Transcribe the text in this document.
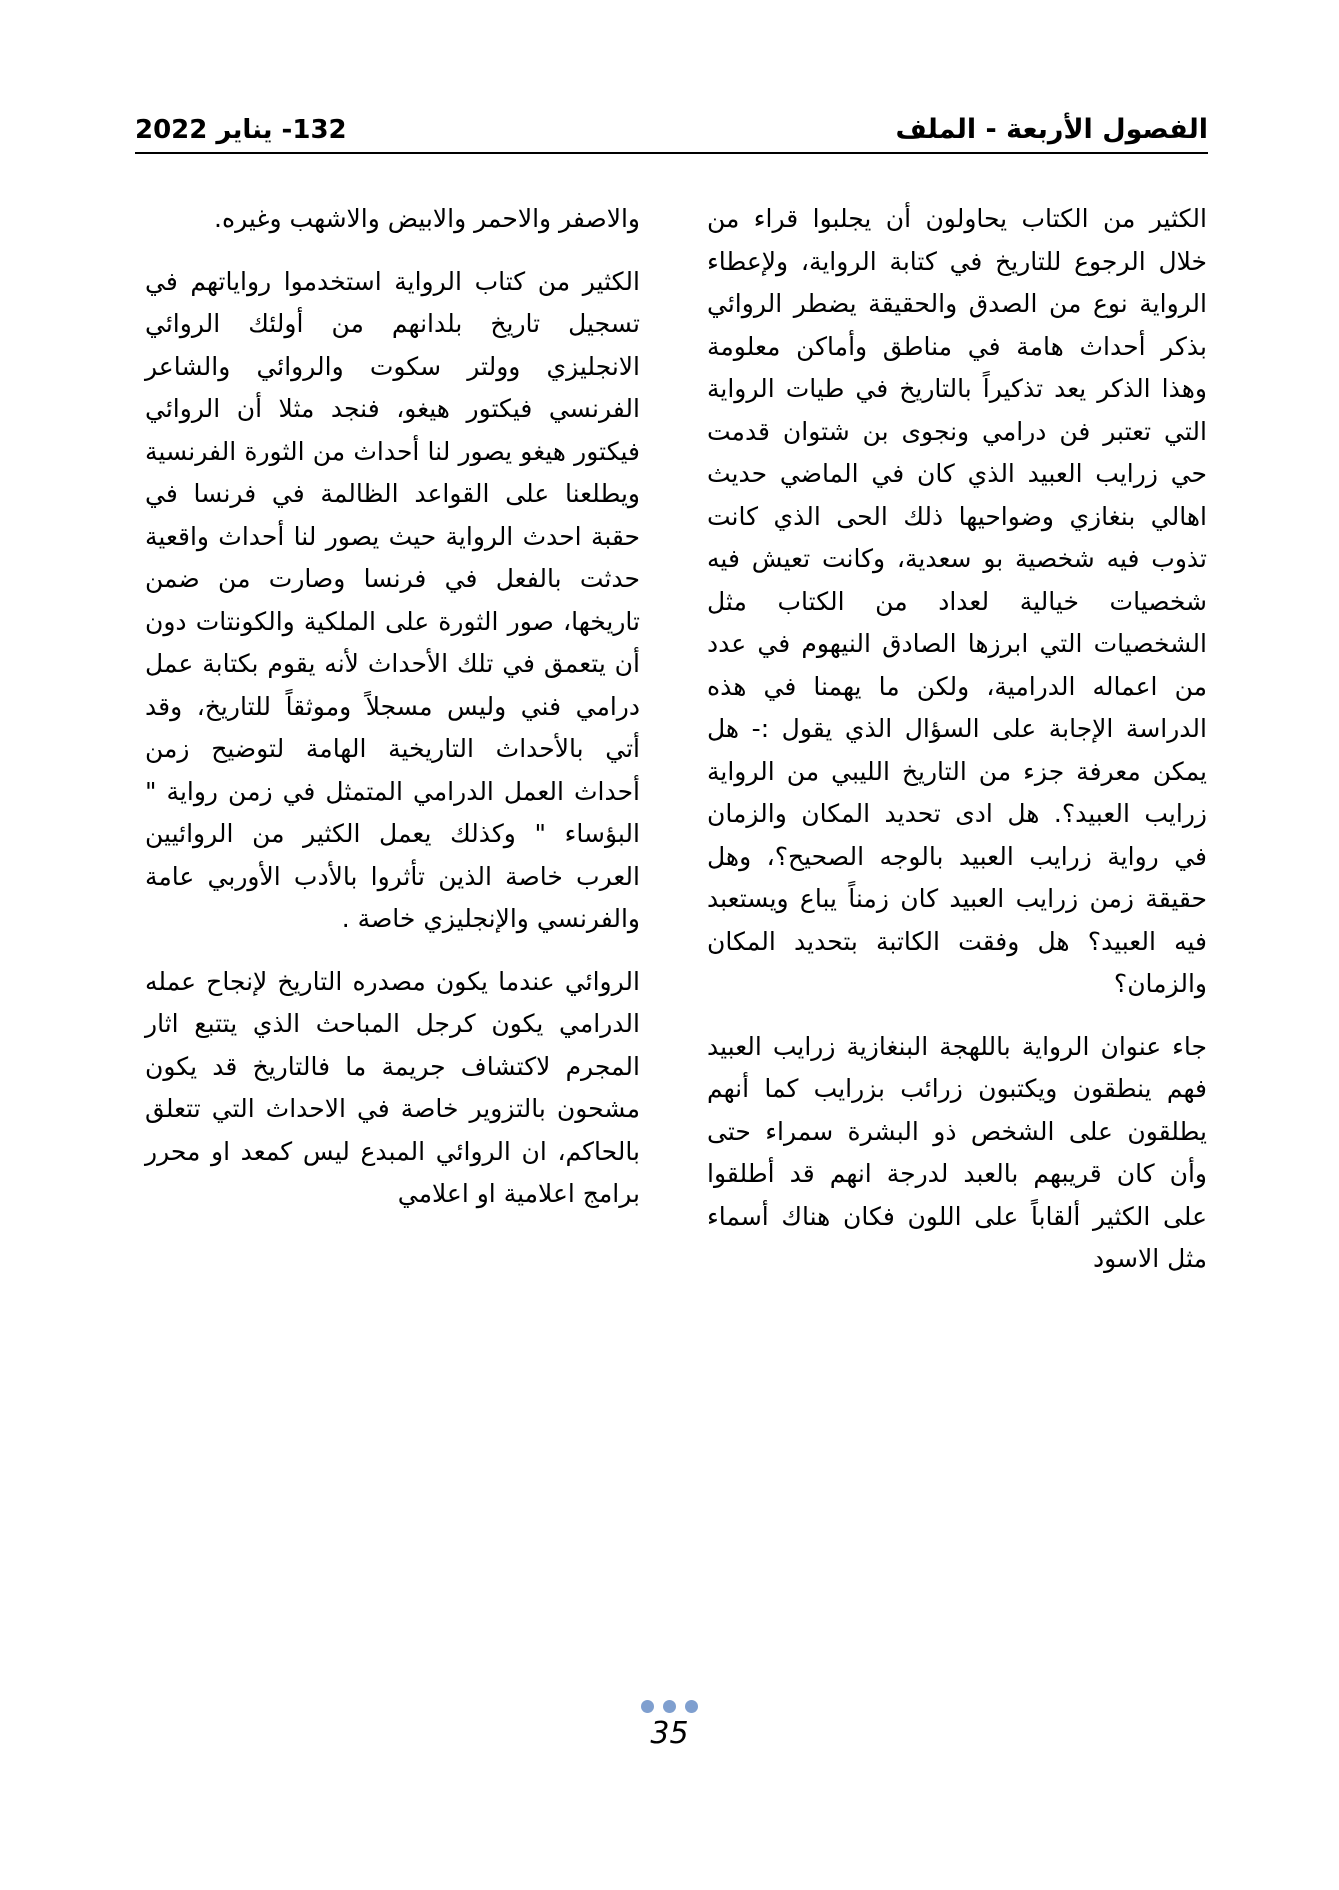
الفصول الأربعة - الملف
132- يناير 2022

الكثير من الكتاب يحاولون أن يجلبوا قراء من خلال الرجوع للتاريخ في كتابة الرواية، ولإعطاء الرواية نوع من الصدق والحقيقة يضطر الروائي بذكر أحداث هامة في مناطق وأماكن معلومة وهذا الذكر يعد تذكيراً بالتاريخ في طيات الرواية التي تعتبر فن درامي ونجوى بن شتوان قدمت حي زرايب العبيد الذي كان في الماضي حديث اهالي بنغازي وضواحيها ذلك الحى الذي كانت تذوب فيه شخصية بو سعدية، وكانت تعيش فيه شخصيات خيالية لعداد من الكتاب مثل الشخصيات التي ابرزها الصادق النيهوم في عدد من اعماله الدرامية، ولكن ما يهمنا في هذه الدراسة الإجابة على السؤال الذي يقول :- هل يمكن معرفة جزء من التاريخ الليبي من الرواية زرايب العبيد؟. هل ادى تحديد المكان والزمان في رواية زرايب العبيد بالوجه الصحيح؟، وهل حقيقة زمن زرايب العبيد كان زمناً يباع ويستعبد فيه العبيد؟ هل وفقت الكاتبة بتحديد المكان والزمان؟

جاء عنوان الرواية باللهجة البنغازية زرايب العبيد فهم ينطقون ويكتبون زرائب بزرايب كما أنهم يطلقون على الشخص ذو البشرة سمراء حتى وأن كان قريبهم بالعبد لدرجة انهم قد أطلقوا على الكثير ألقاباً على اللون فكان هناك أسماء مثل الاسود

والاصفر والاحمر والابيض والاشهب وغيره.

الكثير من كتاب الرواية استخدموا رواياتهم في تسجيل تاريخ بلدانهم من أولئك الروائي الانجليزي وولتر سكوت والروائي والشاعر الفرنسي فيكتور هيغو، فنجد مثلا أن الروائي فيكتور هيغو يصور لنا أحداث من الثورة الفرنسية ويطلعنا على القواعد الظالمة في فرنسا في حقبة احدث الرواية حيث يصور لنا أحداث واقعية حدثت بالفعل في فرنسا وصارت من ضمن تاريخها، صور الثورة على الملكية والكونتات دون أن يتعمق في تلك الأحداث لأنه يقوم بكتابة عمل درامي فني وليس مسجلاً وموثقاً للتاريخ، وقد أتي بالأحداث التاريخية الهامة لتوضيح زمن أحداث العمل الدرامي المتمثل في زمن رواية " البؤساء " وكذلك يعمل الكثير من الروائيين العرب خاصة الذين تأثروا بالأدب الأوربي عامة والفرنسي والإنجليزي خاصة .

الروائي عندما يكون مصدره التاريخ لإنجاح عمله الدرامي يكون كرجل المباحث الذي يتتبع اثار المجرم لاكتشاف جريمة ما فالتاريخ قد يكون مشحون بالتزوير خاصة في الاحداث التي تتعلق بالحاكم، ان الروائي المبدع ليس كمعد او محرر برامج اعلامية او اعلامي

35
